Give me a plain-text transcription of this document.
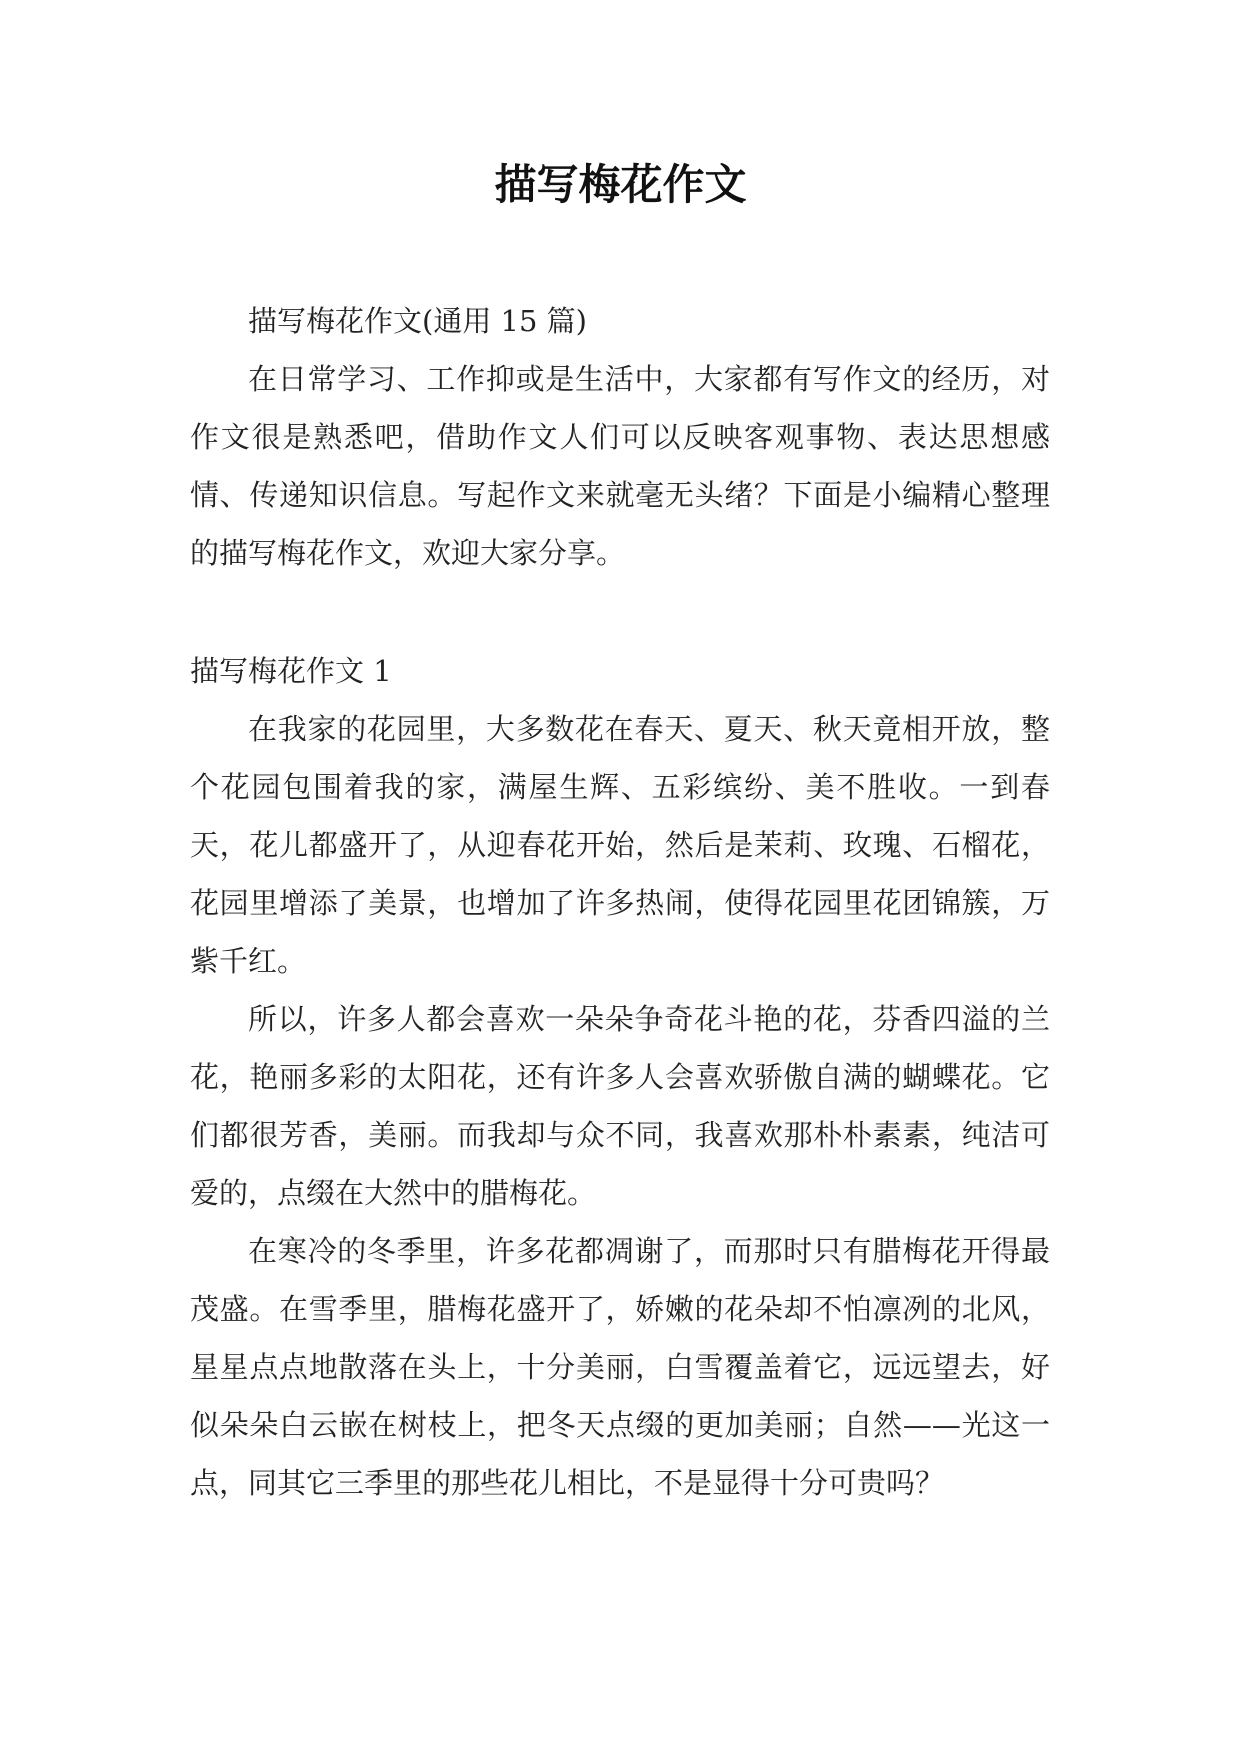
描写梅花作文

描写梅花作文(通用 15 篇)

在日常学习、工作抑或是生活中，大家都有写作文的经历，对作文很是熟悉吧，借助作文人们可以反映客观事物、表达思想感情、传递知识信息。写起作文来就毫无头绪？下面是小编精心整理的描写梅花作文，欢迎大家分享。

描写梅花作文 1

在我家的花园里，大多数花在春天、夏天、秋天竟相开放，整个花园包围着我的家，满屋生辉、五彩缤纷、美不胜收。一到春天，花儿都盛开了，从迎春花开始，然后是茉莉、玫瑰、石榴花，花园里增添了美景，也增加了许多热闹，使得花园里花团锦簇，万紫千红。

所以，许多人都会喜欢一朵朵争奇花斗艳的花，芬香四溢的兰花，艳丽多彩的太阳花，还有许多人会喜欢骄傲自满的蝴蝶花。它们都很芳香，美丽。而我却与众不同，我喜欢那朴朴素素，纯洁可爱的，点缀在大然中的腊梅花。

在寒冷的冬季里，许多花都凋谢了，而那时只有腊梅花开得最茂盛。在雪季里，腊梅花盛开了，娇嫩的花朵却不怕凛冽的北风，星星点点地散落在头上，十分美丽，白雪覆盖着它，远远望去，好似朵朵白云嵌在树枝上，把冬天点缀的更加美丽；自然——光这一点，同其它三季里的那些花儿相比，不是显得十分可贵吗？
